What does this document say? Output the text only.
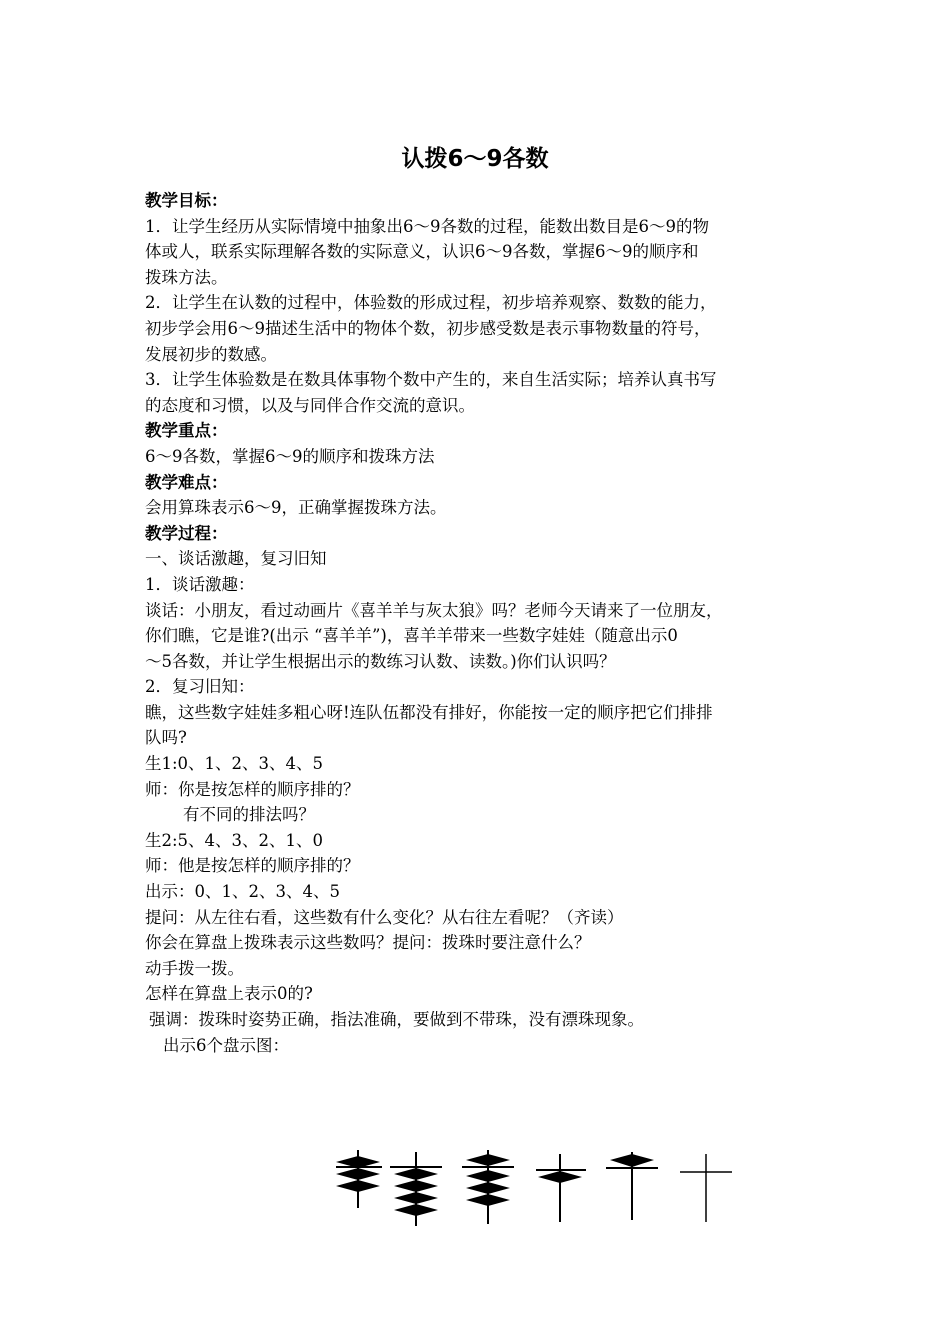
认拨6～9各数
教学目标：
1．让学生经历从实际情境中抽象出6～9各数的过程，能数出数目是6～9的物
体或人，联系实际理解各数的实际意义，认识6～9各数，掌握6～9的顺序和
拨珠方法。
2．让学生在认数的过程中，体验数的形成过程，初步培养观察、数数的能力，
初步学会用6～9描述生活中的物体个数，初步感受数是表示事物数量的符号，
发展初步的数感。
3．让学生体验数是在数具体事物个数中产生的，来自生活实际；培养认真书写
的态度和习惯，以及与同伴合作交流的意识。
教学重点：
6～9各数，掌握6～9的顺序和拨珠方法
教学难点：
会用算珠表示6～9，正确掌握拨珠方法。
教学过程：
一、谈话激趣，复习旧知
1．谈话激趣：
谈话：小朋友，看过动画片《喜羊羊与灰太狼》吗？老师今天请来了一位朋友，
你们瞧，它是谁?(出示 “喜羊羊”)，喜羊羊带来一些数字娃娃（随意出示0
～5各数，并让学生根据出示的数练习认数、读数。)你们认识吗？
2．复习旧知：
瞧，这些数字娃娃多粗心呀!连队伍都没有排好，你能按一定的顺序把它们排排
队吗?
生1:0、1、2、3、4、5
师：你是按怎样的顺序排的？
有不同的排法吗？
生2:5、4、3、2、1、0
师：他是按怎样的顺序排的？
出示：0、1、2、3、4、5
提问：从左往右看，这些数有什么变化？从右往左看呢？（齐读）
你会在算盘上拨珠表示这些数吗？提问：拨珠时要注意什么？
动手拨一拨。
怎样在算盘上表示0的?
强调：拨珠时姿势正确，指法准确，要做到不带珠，没有漂珠现象。
出示6个盘示图：
